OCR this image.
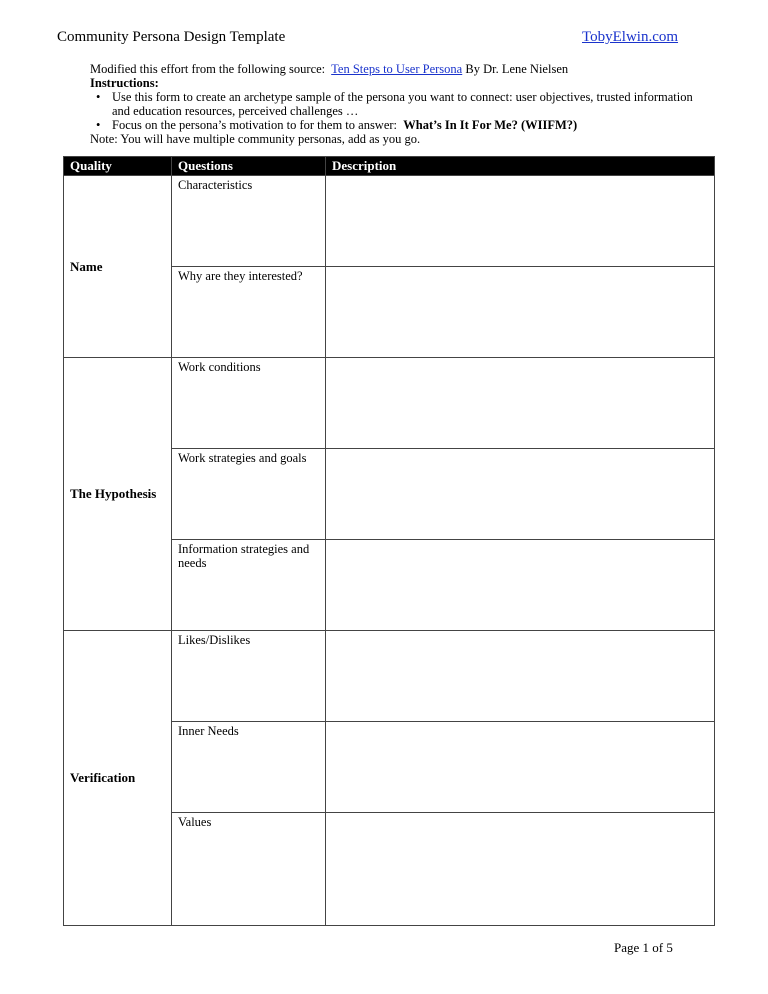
Community Persona Design Template	TobyElwin.com

Modified this effort from the following source: Ten Steps to User Persona By Dr. Lene Nielsen

Instructions:

• Use this form to create an archetype sample of the persona you want to connect: user objectives, trusted information and education resources, perceived challenges …
• Focus on the persona’s motivation to for them to answer: What’s In It For Me? (WIIFM?)

Note: You will have multiple community personas, add as you go.

Quality	Questions	Description
Name	Characteristics	
	Why are they interested?	
The Hypothesis	Work conditions	
	Work strategies and goals	
	Information strategies and needs	
Verification	Likes/Dislikes	
	Inner Needs	
	Values	
Page 1 of 5
